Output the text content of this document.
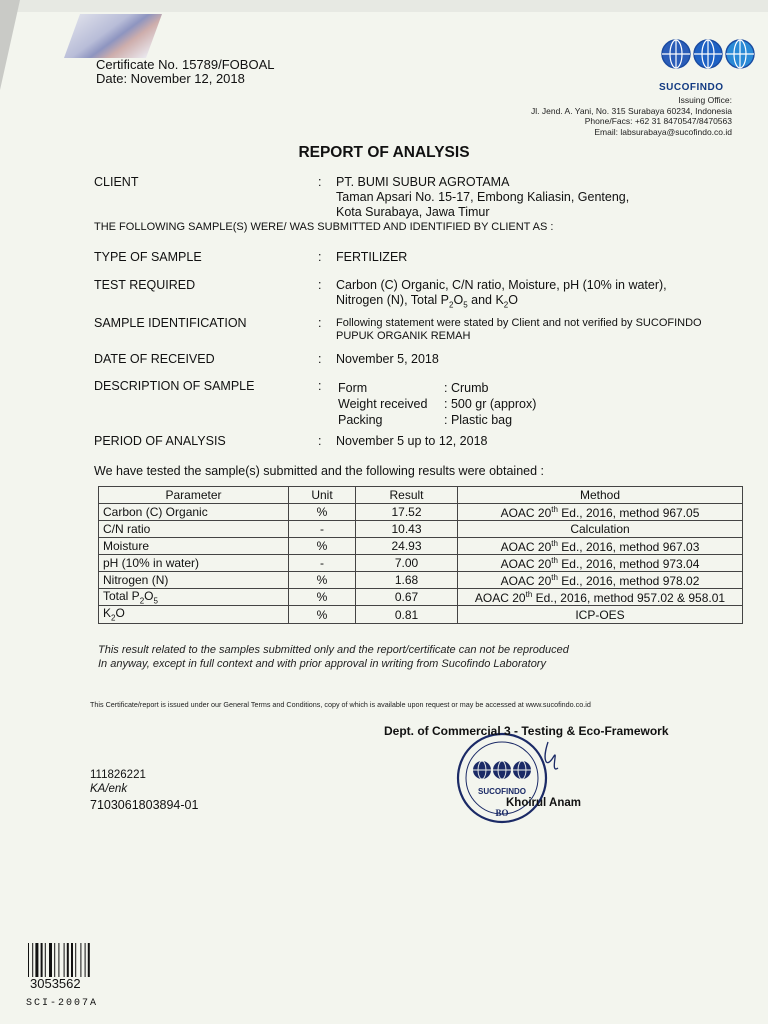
Certificate No. 15789/FOBOAL
Date: November 12, 2018
SUCOFINDO
Issuing Office:
Jl. Jend. A. Yani, No. 315 Surabaya 60234, Indonesia
Phone/Facs: +62 31 8470547/8470563
Email: labsurabaya@sucofindo.co.id
REPORT OF ANALYSIS
CLIENT	: PT. BUMI SUBUR AGROTAMA
Taman Apsari No. 15-17, Embong Kaliasin, Genteng,
Kota Surabaya, Jawa Timur
THE FOLLOWING SAMPLE(S) WERE/ WAS SUBMITTED AND IDENTIFIED BY CLIENT AS :
TYPE OF SAMPLE	: FERTILIZER
TEST REQUIRED	: Carbon (C) Organic, C/N ratio, Moisture, pH (10% in water),
Nitrogen (N), Total $P_2O_5$ and $K_2O$
SAMPLE IDENTIFICATION	: Following statement were stated by Client and not verified by SUCOFINDO
PUPUK ORGANIK REMAH
DATE OF RECEIVED	: November 5, 2018
DESCRIPTION OF SAMPLE	: Form	: Crumb
Weight received	: 500 gr (approx)
Packing	: Plastic bag
PERIOD OF ANALYSIS	: November 5 up to 12, 2018
We have tested the sample(s) submitted and the following results were obtained :
Parameter	Unit	Result	Method
Carbon (C) Organic	%	17.52	AOAC 20th Ed., 2016, method 967.05
C/N ratio	-	10.43	Calculation
Moisture	%	24.93	AOAC 20th Ed., 2016, method 967.03
pH (10% in water)	-	7.00	AOAC 20th Ed., 2016, method 973.04
Nitrogen (N)	%	1.68	AOAC 20th Ed., 2016, method 978.02
Total $P_2O_5$	%	0.67	AOAC 20th Ed., 2016, method 957.02 & 958.01
$K_2O$	%	0.81	ICP-OES
This result related to the samples submitted only and the report/certificate can not be reproduced
In anyway, except in full context and with prior approval in writing from Sucofindo Laboratory
This Certificate/report is issued under our General Terms and Conditions, copy of which is available upon request or may be accessed at www.sucofindo.co.id
SUCOFINDO
BO
Dept. of Commercial 3 - Testing & Eco-Framework
Khoirul Anam
111826221
KA/enk
7103061803894-01
3053562
SCI-2007A
